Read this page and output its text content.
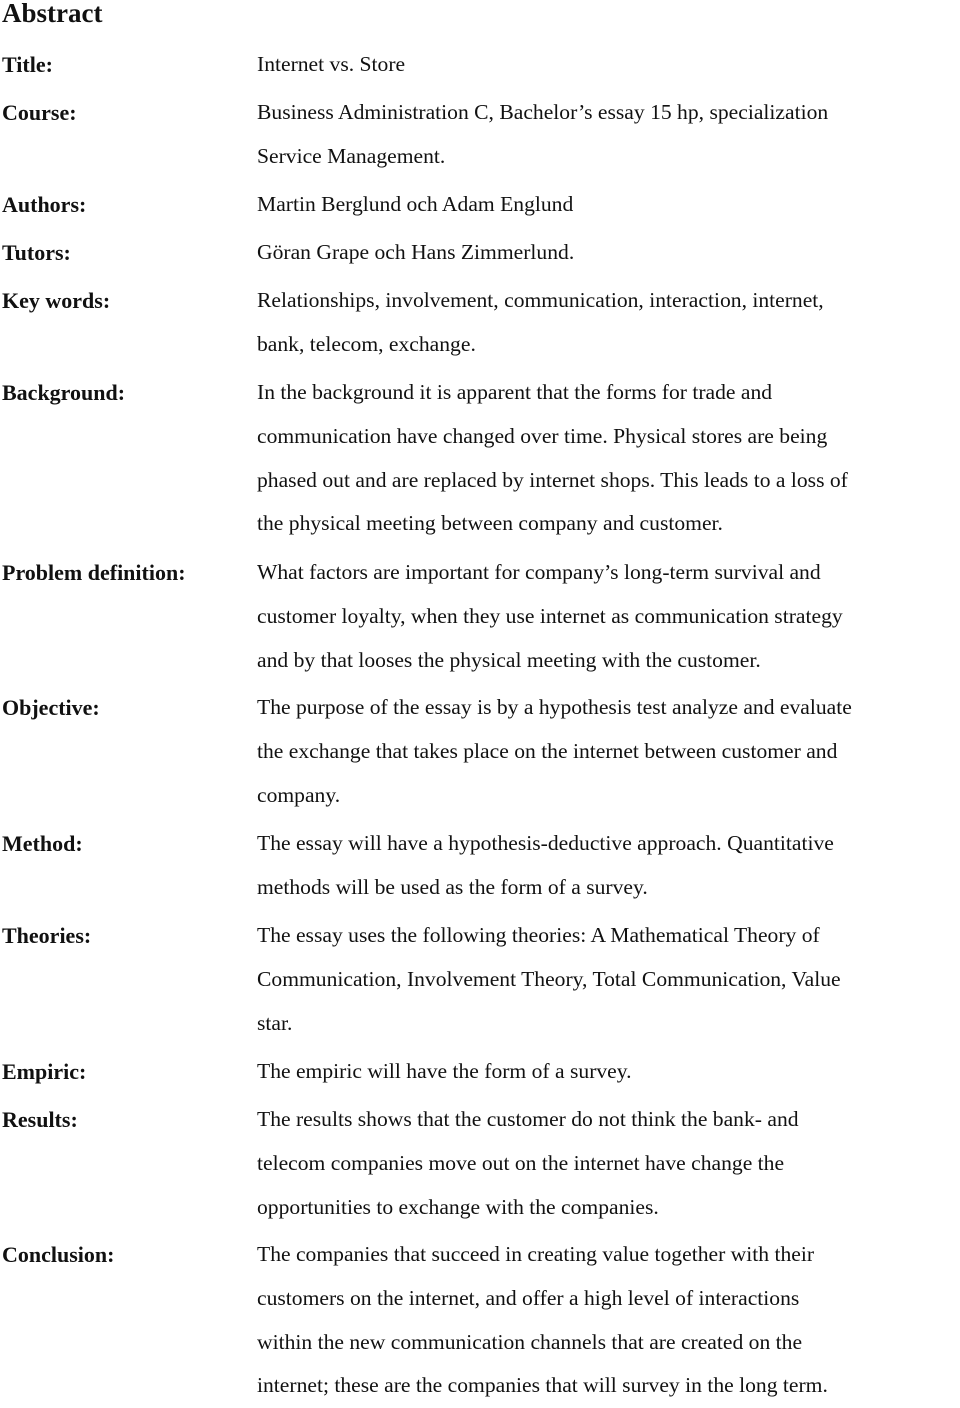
Abstract
Title:	Internet vs. Store
Course:	Business Administration C, Bachelor’s essay 15 hp, specialization
Service Management.
Authors:	Martin Berglund och Adam Englund
Tutors:	Göran Grape och Hans Zimmerlund.
Key words:	Relationships, involvement, communication, interaction, internet,
bank, telecom, exchange.
Background:	In the background it is apparent that the forms for trade and
communication have changed over time. Physical stores are being
phased out and are replaced by internet shops. This leads to a loss of
the physical meeting between company and customer.
Problem definition:	What factors are important for company’s long-term survival and
customer loyalty, when they use internet as communication strategy
and by that looses the physical meeting with the customer.
Objective:	The purpose of the essay is by a hypothesis test analyze and evaluate
the exchange that takes place on the internet between customer and
company.
Method:	The essay will have a hypothesis-deductive approach. Quantitative
methods will be used as the form of a survey.
Theories:	The essay uses the following theories: A Mathematical Theory of
Communication, Involvement Theory, Total Communication, Value
star.
Empiric:	The empiric will have the form of a survey.
Results:	The results shows that the customer do not think the bank- and
telecom companies move out on the internet have change the
opportunities to exchange with the companies.
Conclusion:	The companies that succeed in creating value together with their
customers on the internet, and offer a high level of interactions
within the new communication channels that are created on the
internet; these are the companies that will survey in the long term.
